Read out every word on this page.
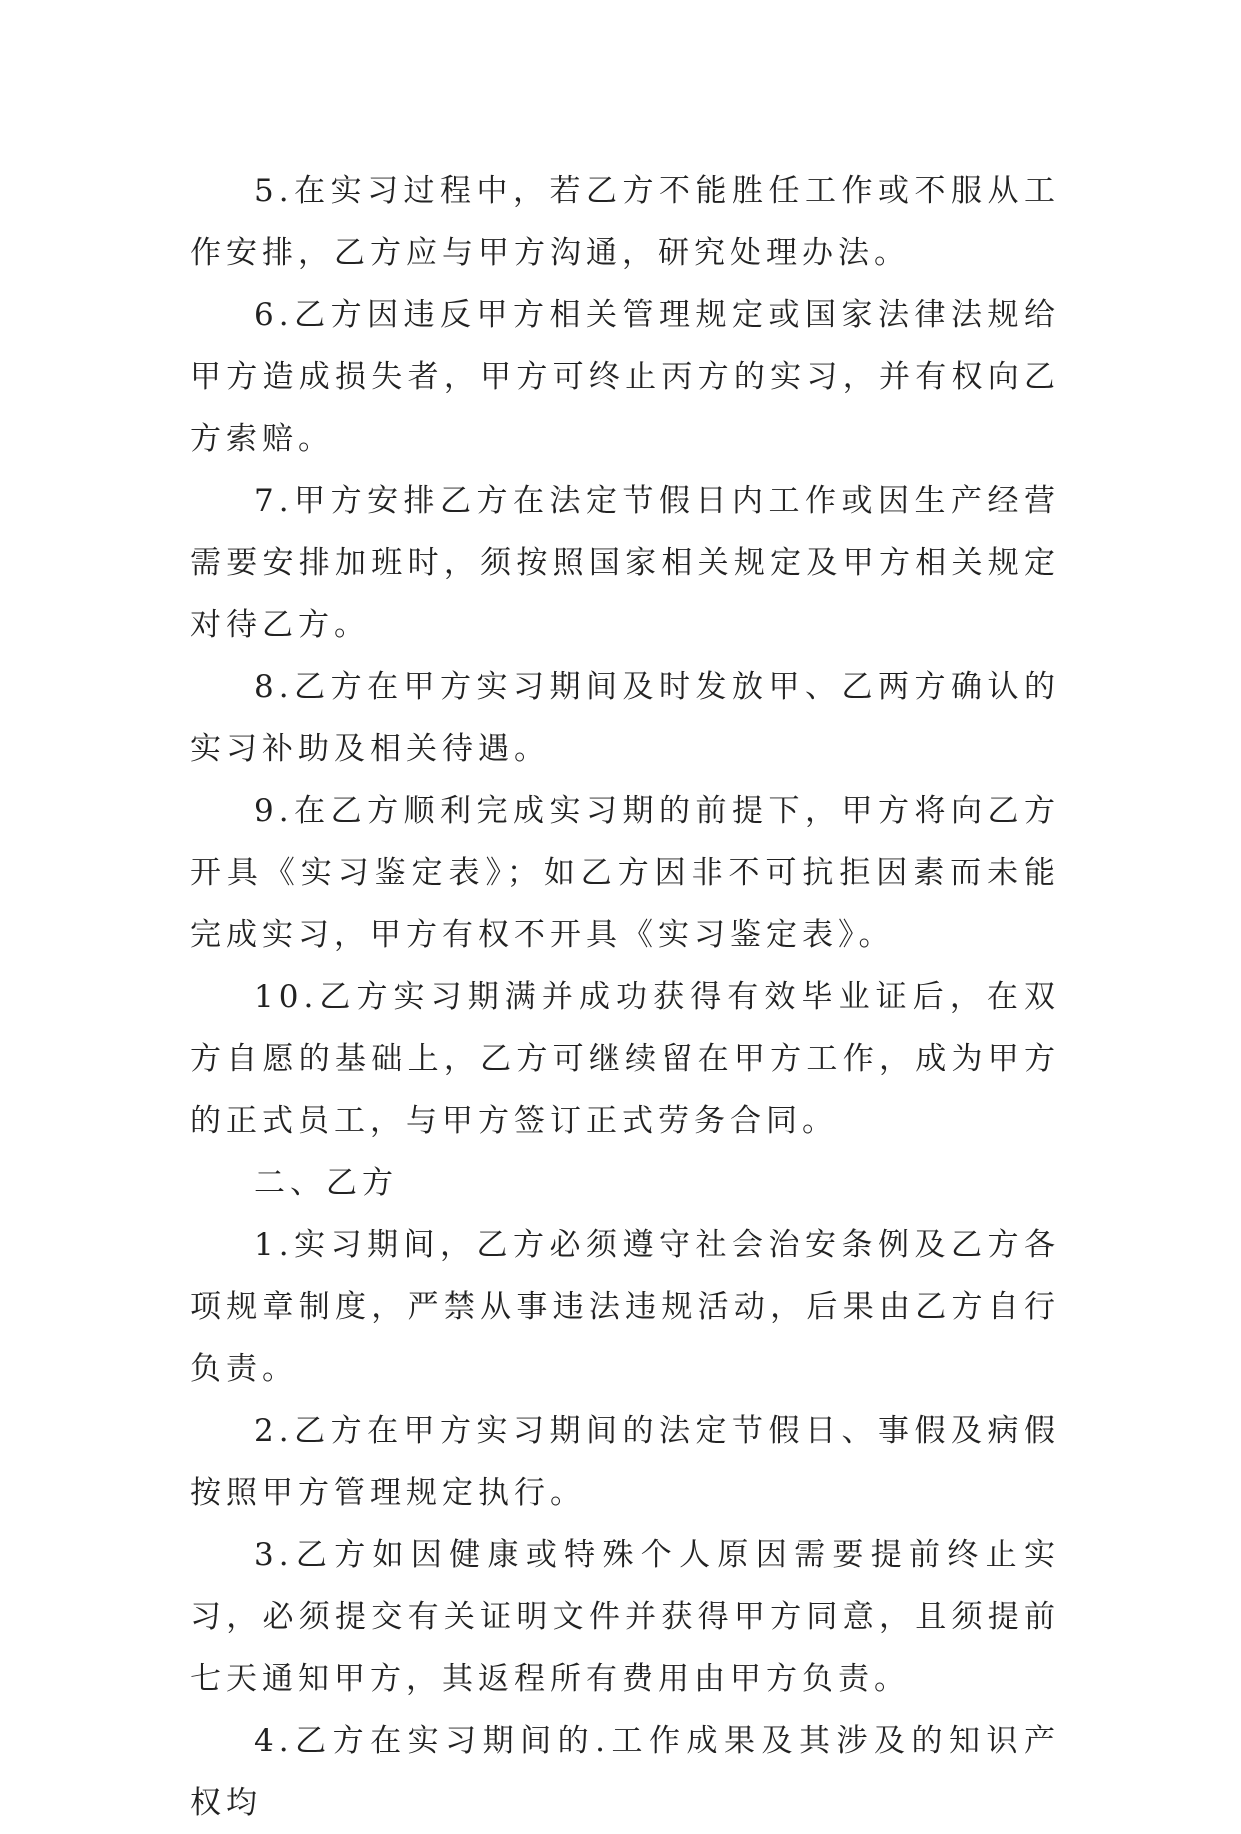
5.在实习过程中，若乙方不能胜任工作或不服从工作安排，乙方应与甲方沟通，研究处理办法。

6.乙方因违反甲方相关管理规定或国家法律法规给甲方造成损失者，甲方可终止丙方的实习，并有权向乙方索赔。

7.甲方安排乙方在法定节假日内工作或因生产经营需要安排加班时，须按照国家相关规定及甲方相关规定对待乙方。

8.乙方在甲方实习期间及时发放甲、乙两方确认的实习补助及相关待遇。

9.在乙方顺利完成实习期的前提下，甲方将向乙方开具《实习鉴定表》；如乙方因非不可抗拒因素而未能完成实习，甲方有权不开具《实习鉴定表》。

10.乙方实习期满并成功获得有效毕业证后，在双方自愿的基础上，乙方可继续留在甲方工作，成为甲方的正式员工，与甲方签订正式劳务合同。

二、乙方

1.实习期间，乙方必须遵守社会治安条例及乙方各项规章制度，严禁从事违法违规活动，后果由乙方自行负责。

2.乙方在甲方实习期间的法定节假日、事假及病假按照甲方管理规定执行。

3.乙方如因健康或特殊个人原因需要提前终止实习，必须提交有关证明文件并获得甲方同意，且须提前七天通知甲方，其返程所有费用由甲方负责。

4.乙方在实习期间的.工作成果及其涉及的知识产权均
